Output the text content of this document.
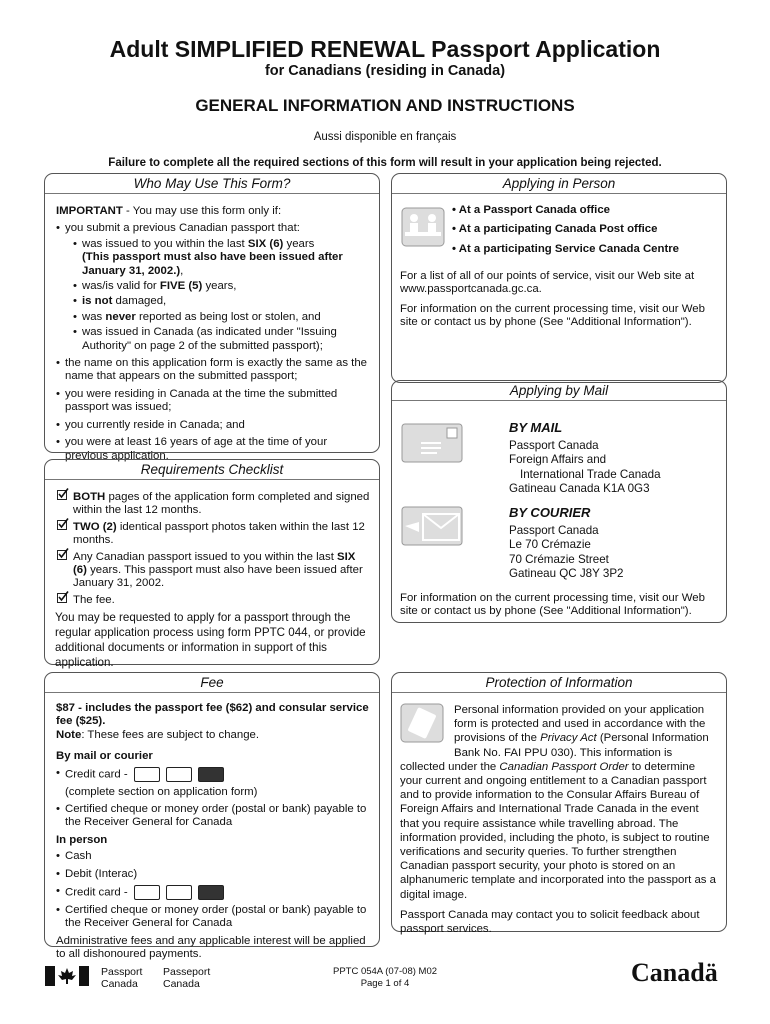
Adult SIMPLIFIED RENEWAL Passport Application
for Canadians (residing in Canada)
GENERAL INFORMATION AND INSTRUCTIONS
Aussi disponible en français
Failure to complete all the required sections of this form will result in your application being rejected.
Who May Use This Form?

IMPORTANT - You may use this form only if:

• you submit a previous Canadian passport that:
• was issued to you within the last SIX (6) years
(This passport must also have been issued after January 31, 2002.),
• was/is valid for FIVE (5) years,
• is not damaged,
• was never reported as being lost or stolen, and
• was issued in Canada (as indicated under "Issuing Authority" on page 2 of the submitted passport);
• the name on this application form is exactly the same as the name that appears on the submitted passport;
• you were residing in Canada at the time the submitted passport was issued;
• you currently reside in Canada; and
• you were at least 16 years of age at the time of your previous application.
Requirements Checklist
BOTH pages of the application form completed and signed within the last 12 months.
TWO (2) identical passport photos taken within the last 12 months.
Any Canadian passport issued to you within the last SIX (6) years. This passport must also have been issued after January 31, 2002.
The fee.

You may be requested to apply for a passport through the regular application process using form PPTC 044, or provide additional documents or information in support of this application.

Fee

$87 - includes the passport fee ($62) and consular service fee ($25).

Note: These fees are subject to change.

By mail or courier

• Credit card -
(complete section on application form)
• Certified cheque or money order (postal or bank) payable to the Receiver General for Canada

In person

• Cash
• Debit (Interac)
• Credit card -
• Certified cheque or money order (postal or bank) payable to the Receiver General for Canada

Administrative fees and any applicable interest will be applied to all dishonoured payments.

Applying in Person

• At a Passport Canada office

• At a participating Canada Post office

• At a participating Service Canada Centre

For a list of all of our points of service, visit our Web site at www.passportcanada.gc.ca.

For information on the current processing time, visit our Web site or contact us by phone (See "Additional Information").

Applying by Mail

BY MAIL

Passport Canada

Foreign Affairs and

International Trade Canada

Gatineau Canada K1A 0G3

BY COURIER

Passport Canada

Le 70 Crémazie

70 Crémazie Street

Gatineau QC J8Y 3P2

For information on the current processing time, visit our Web site or contact us by phone (See "Additional Information").
Protection of Information

Personal information provided on your application form is protected and used in accordance with the provisions of the Privacy Act (Personal Information Bank No. FAI PPU 030). This information is collected under the Canadian Passport Order to determine your current and ongoing entitlement to a Canadian passport and to provide information to the Consular Affairs Bureau of Foreign Affairs and International Trade Canada in the event that you require assistance while travelling abroad. The information provided, including the photo, is subject to routine verifications and security queries. To further strengthen Canadian passport security, your photo is stored on an alphanumeric template and incorporated into the passport as a digital image.

Passport Canada may contact you to solicit feedback about passport services.

Passport
Canada
Passeport
Canada
PPTC 054A (07-08) M02
Page 1 of 4	Canadä
